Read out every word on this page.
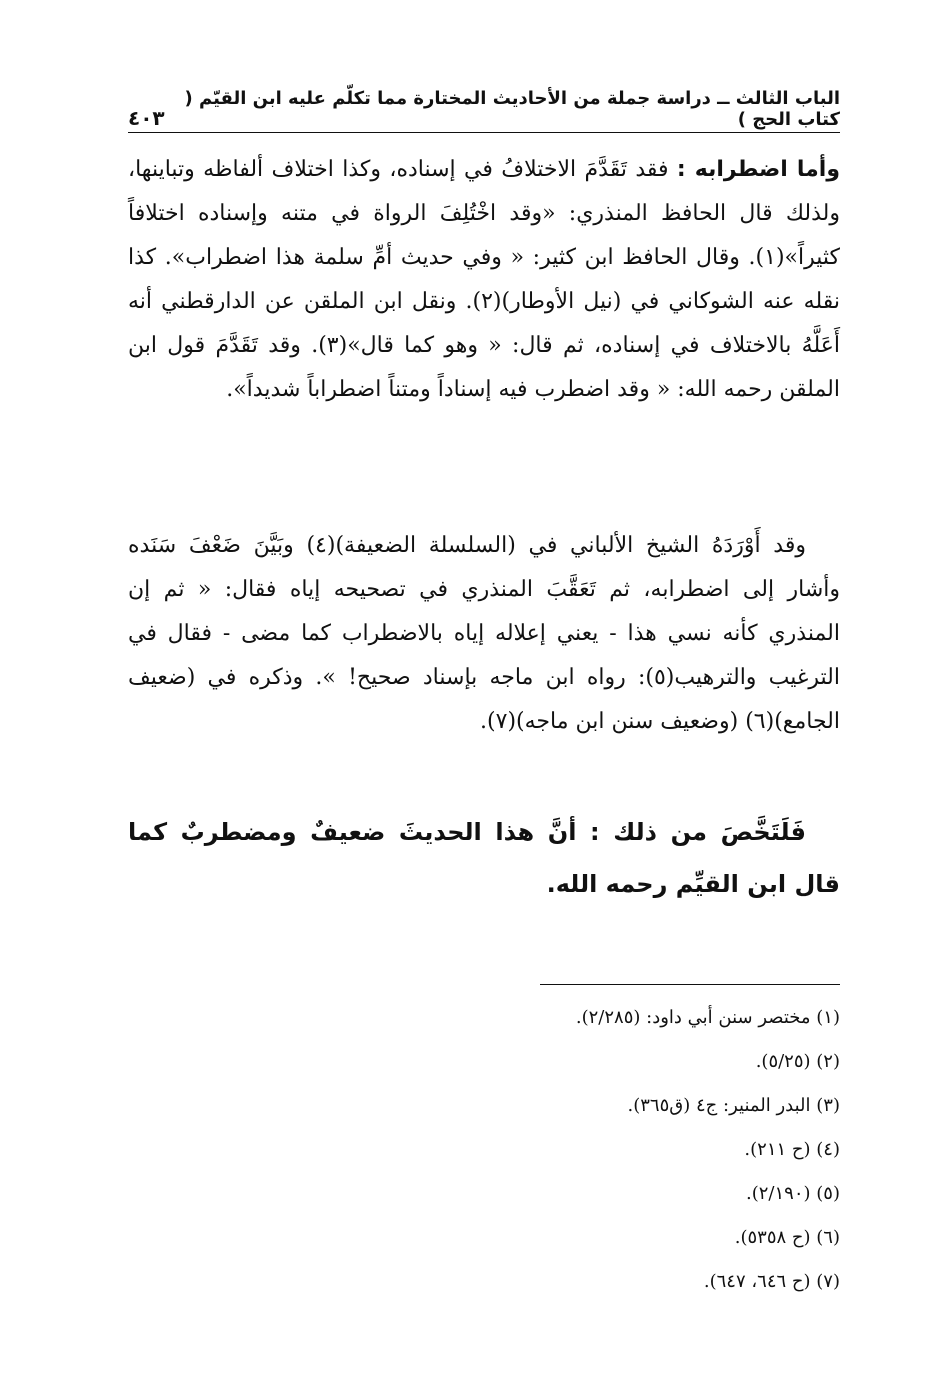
الباب الثالث ــ دراسة جملة من الأحاديث المختارة مما تكلّم عليه ابن القيّم ( كتاب الحج )
٤٠٣
وأما اضطرابه : فقد تَقَدَّمَ الاختلافُ في إسناده، وكذا اختلاف ألفاظه وتباينها، ولذلك قال الحافظ المنذري: «وقد اخْتُلِفَ الرواة في متنه وإسناده اختلافاً كثيراً»(١). وقال الحافظ ابن كثير: « وفي حديث أمِّ سلمة هذا اضطراب». كذا نقله عنه الشوكاني في (نيل الأوطار)(٢). ونقل ابن الملقن عن الدارقطني أنه أَعَلَّهُ بالاختلاف في إسناده، ثم قال: « وهو كما قال»(٣). وقد تَقَدَّمَ قول ابن الملقن رحمه الله: « وقد اضطرب فيه إسناداً ومتناً اضطراباً شديداً».
وقد أَوْرَدَهُ الشيخ الألباني في (السلسلة الضعيفة)(٤) وبَيَّنَ ضَعْفَ سَنَده وأشار إلى اضطرابه، ثم تَعَقَّبَ المنذري في تصحيحه إياه فقال: « ثم إن المنذري كأنه نسي هذا - يعني إعلاله إياه بالاضطراب كما مضى - فقال في الترغيب والترهيب(٥): رواه ابن ماجه بإسناد صحيح! ». وذكره في (ضعيف الجامع)(٦) (وضعيف سنن ابن ماجه)(٧).
فَلَتَخَّصَ من ذلك : أنَّ هذا الحديثَ ضعيفٌ ومضطربٌ كما قال ابن القيِّم رحمه الله.
(١) مختصر سنن أبي داود: (٢/٢٨٥).
(٢) (٥/٢٥).
(٣) البدر المنير: ج٤ (ق٣٦٥).
(٤) (ح ٢١١).
(٥) (٢/١٩٠).
(٦) (ح ٥٣٥٨).
(٧) (ح ٦٤٦، ٦٤٧).
